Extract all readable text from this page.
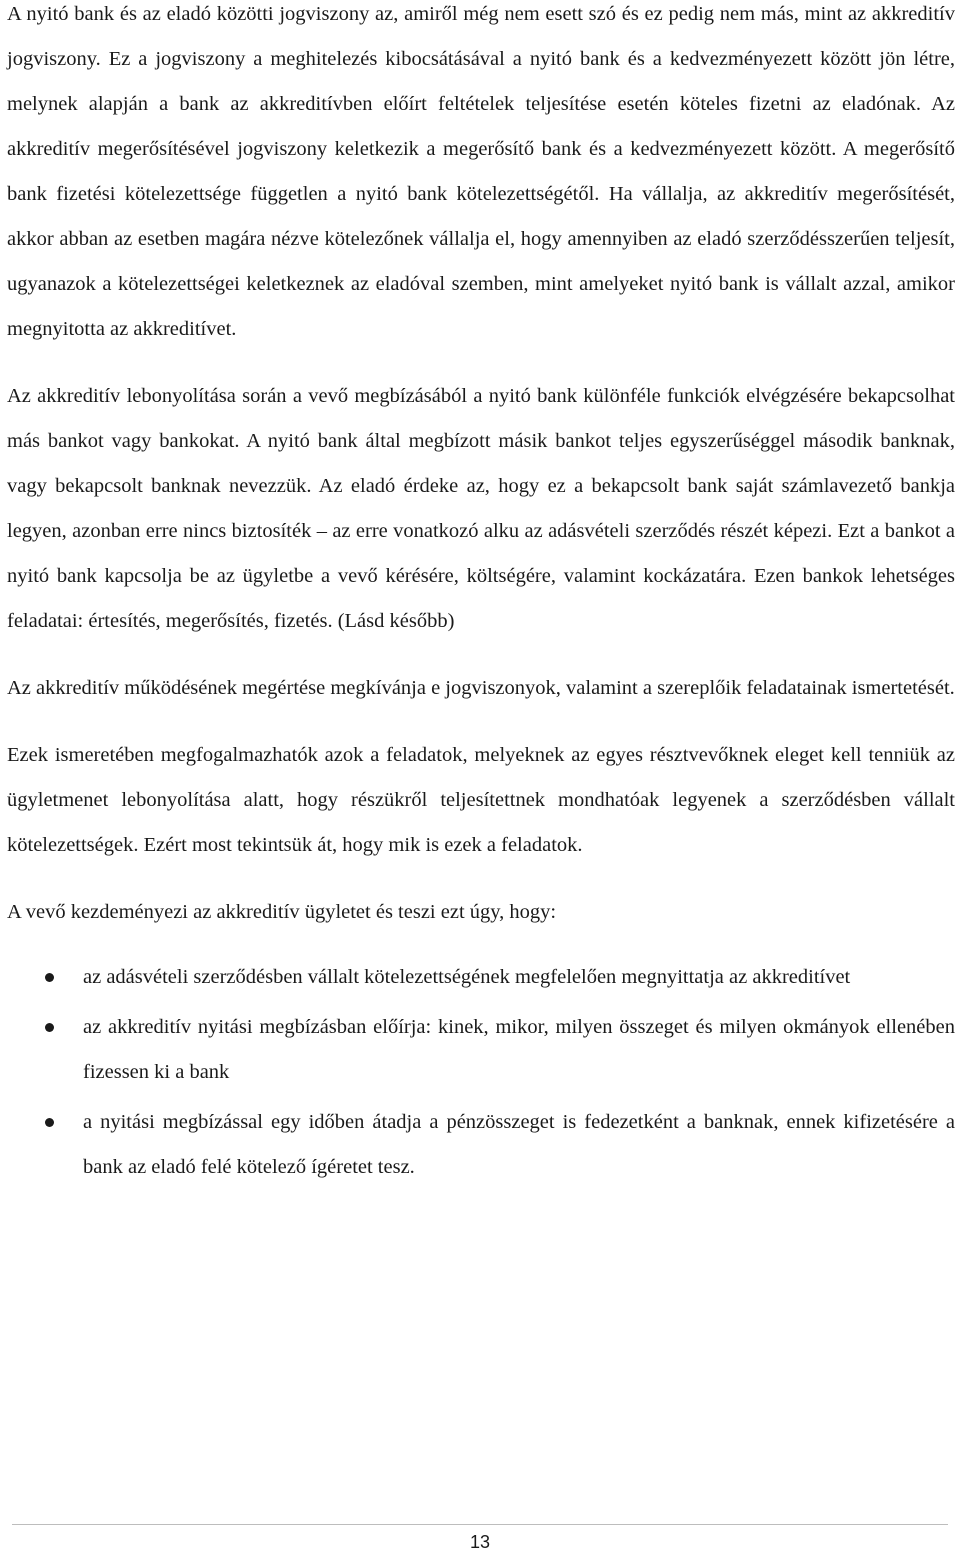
A nyitó bank és az eladó közötti jogviszony az, amiről még nem esett szó és ez pedig nem más, mint az akkreditív jogviszony. Ez a jogviszony a meghitelezés kibocsátásával a nyitó bank és a kedvezményezett között jön létre, melynek alapján a bank az akkreditívben előírt feltételek teljesítése esetén köteles fizetni az eladónak. Az akkreditív megerősítésével jogviszony keletkezik a megerősítő bank és a kedvezményezett között. A megerősítő bank fizetési kötelezettsége független a nyitó bank kötelezettségétől. Ha vállalja, az akkreditív megerősítését, akkor abban az esetben magára nézve kötelezőnek vállalja el, hogy amennyiben az eladó szerződésszerűen teljesít, ugyanazok a kötelezettségei keletkeznek az eladóval szemben, mint amelyeket nyitó bank is vállalt azzal, amikor megnyitotta az akkreditívet.

Az akkreditív lebonyolítása során a vevő megbízásából a nyitó bank különféle funkciók elvégzésére bekapcsolhat más bankot vagy bankokat. A nyitó bank által megbízott másik bankot teljes egyszerűséggel második banknak, vagy bekapcsolt banknak nevezzük. Az eladó érdeke az, hogy ez a bekapcsolt bank saját számlavezető bankja legyen, azonban erre nincs biztosíték – az erre vonatkozó alku az adásvételi szerződés részét képezi. Ezt a bankot a nyitó bank kapcsolja be az ügyletbe a vevő kérésére, költségére, valamint kockázatára. Ezen bankok lehetséges feladatai: értesítés, megerősítés, fizetés. (Lásd később)

Az akkreditív működésének megértése megkívánja e jogviszonyok, valamint a szereplőik feladatainak ismertetését.

Ezek ismeretében megfogalmazhatók azok a feladatok, melyeknek az egyes résztvevőknek eleget kell tenniük az ügyletmenet lebonyolítása alatt, hogy részükről teljesítettnek mondhatóak legyenek a szerződésben vállalt kötelezettségek. Ezért most tekintsük át, hogy mik is ezek a feladatok.

A vevő kezdeményezi az akkreditív ügyletet és teszi ezt úgy, hogy:

az adásvételi szerződésben vállalt kötelezettségének megfelelően megnyittatja az akkreditívet
az akkreditív nyitási megbízásban előírja: kinek, mikor, milyen összeget és milyen okmányok ellenében fizessen ki a bank
a nyitási megbízással egy időben átadja a pénzösszeget is fedezetként a banknak, ennek kifizetésére a bank az eladó felé kötelező ígéretet tesz.
13
